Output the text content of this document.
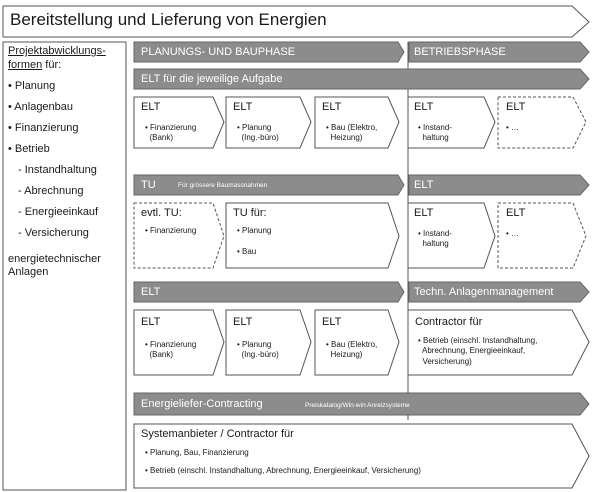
Bereitstellung und Lieferung von Energien
Projektabwicklungs-
formen für:
• Planung
• Anlagenbau
• Finanzierung
• Betrieb
- Instandhaltung
- Abrechnung
- Energieeinkauf
- Versicherung
energietechnischer
Anlagen
PLANUNGS- UND BAUPHASE	BETRIEBSPHASE
ELT für die jeweilige Aufgabe
ELT
• Finanzierung
(Bank)
ELT
• Planung
(Ing.-büro)
ELT
• Bau (Elektro,
Heizung)
ELT
• Instand-
haltung
ELT
• …
TU	Für grössere Baumassnahmen	ELT
evtl. TU:
• Finanzierung
TU für:
• Planung

• Bau
ELT
• Instand-
haltung
ELT
• …
ELT	Techn. Anlagenmanagement
ELT
• Finanzierung
(Bank)
ELT
• Planung
(Ing.-büro)
ELT
• Bau (Elektro,
Heizung)
Contractor für
• Betrieb (einschl. Instandhaltung,
Abrechnung, Energieeinkauf,
Versicherung)
Energieliefer-Contracting	Preiskatalog/Win-win Anreizsysteme
Systemanbieter / Contractor für
• Planung, Bau, Finanzierung
• Betrieb (einschl. Instandhaltung, Abrechnung, Energieeinkauf, Versicherung)
